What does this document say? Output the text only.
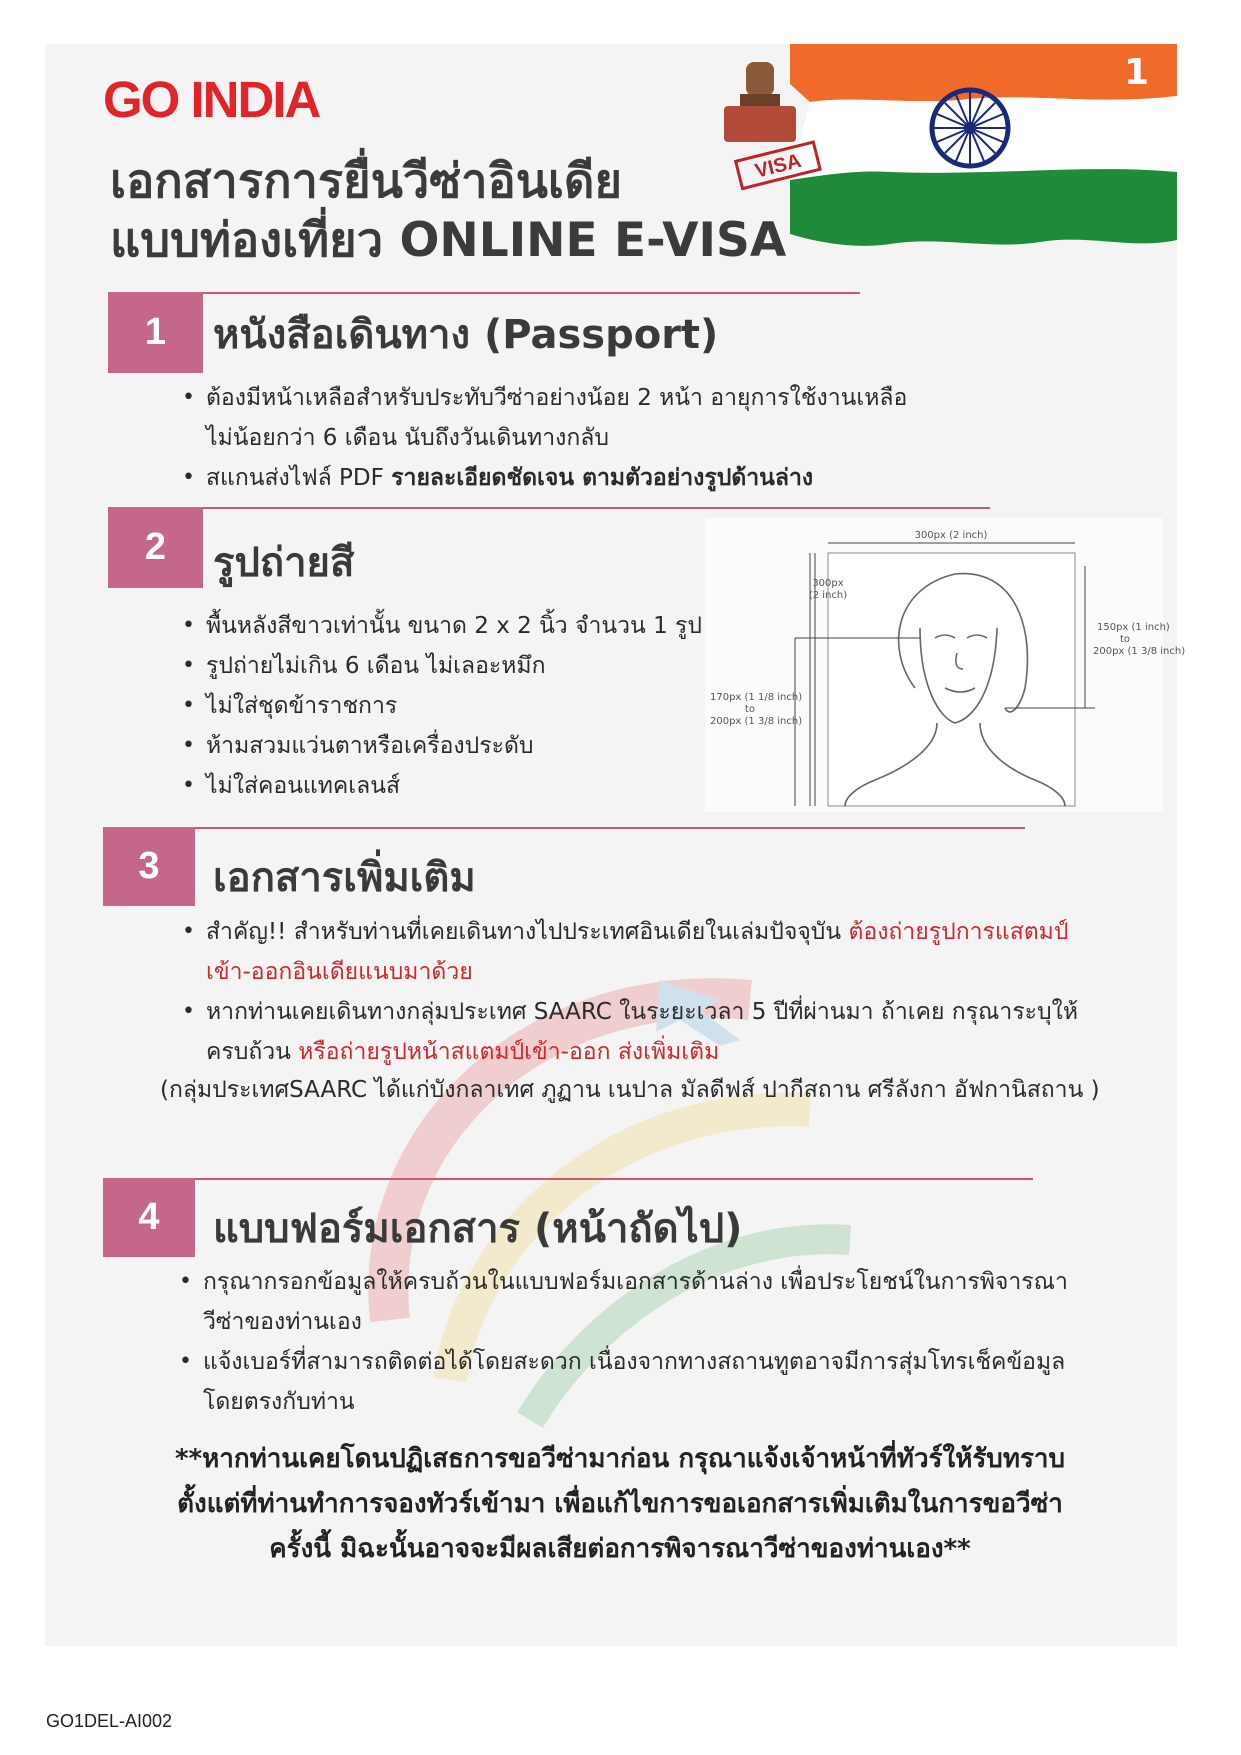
GO INDIA
เอกสารการยื่นวีซ่าอินเดีย
แบบท่องเที่ยว ONLINE E-VISA
1
VISA
1	หนังสือเดินทาง (Passport)
• ต้องมีหน้าเหลือสำหรับประทับวีซ่าอย่างน้อย 2 หน้า อายุการใช้งานเหลือ
ไม่น้อยกว่า 6 เดือน นับถึงวันเดินทางกลับ
• สแกนส่งไฟล์ PDF รายละเอียดชัดเจน ตามตัวอย่างรูปด้านล่าง
2	รูปถ่ายสี
• พื้นหลังสีขาวเท่านั้น ขนาด 2 x 2 นิ้ว จำนวน 1 รูป
• รูปถ่ายไม่เกิน 6 เดือน ไม่เลอะหมึก
• ไม่ใส่ชุดข้าราชการ
• ห้ามสวมแว่นตาหรือเครื่องประดับ
• ไม่ใส่คอนแทคเลนส์
300px (2 inch)
300px
(2 inch)
150px (1 inch)
to
200px (1 3/8 inch)
170px (1 1/8 inch)
to
200px (1 3/8 inch)
3	เอกสารเพิ่มเติม
• สำคัญ!! สำหรับท่านที่เคยเดินทางไปประเทศอินเดียในเล่มปัจจุบัน ต้องถ่ายรูปการแสตมป์
เข้า-ออกอินเดียแนบมาด้วย
• หากท่านเคยเดินทางกลุ่มประเทศ SAARC ในระยะเวลา 5 ปีที่ผ่านมา ถ้าเคย กรุณาระบุให้
ครบถ้วน หรือถ่ายรูปหน้าสแตมป์เข้า-ออก ส่งเพิ่มเติม
(กลุ่มประเทศSAARC ได้แก่บังกลาเทศ ภูฏาน เนปาล มัลดีฟส์ ปากีสถาน ศรีลังกา อัฟกานิสถาน )
4	แบบฟอร์มเอกสาร (หน้าถัดไป)
• กรุณากรอกข้อมูลให้ครบถ้วนในแบบฟอร์มเอกสารด้านล่าง เพื่อประโยชน์ในการพิจารณา
วีซ่าของท่านเอง
• แจ้งเบอร์ที่สามารถติดต่อได้โดยสะดวก เนื่องจากทางสถานทูตอาจมีการสุ่มโทรเช็คข้อมูล
โดยตรงกับท่าน
**หากท่านเคยโดนปฏิเสธการขอวีซ่ามาก่อน กรุณาแจ้งเจ้าหน้าที่ทัวร์ให้รับทราบ
ตั้งแต่ที่ท่านทำการจองทัวร์เข้ามา เพื่อแก้ไขการขอเอกสารเพิ่มเติมในการขอวีซ่า
ครั้งนี้ มิฉะนั้นอาจจะมีผลเสียต่อการพิจารณาวีซ่าของท่านเอง**
GO1DEL-AI002
